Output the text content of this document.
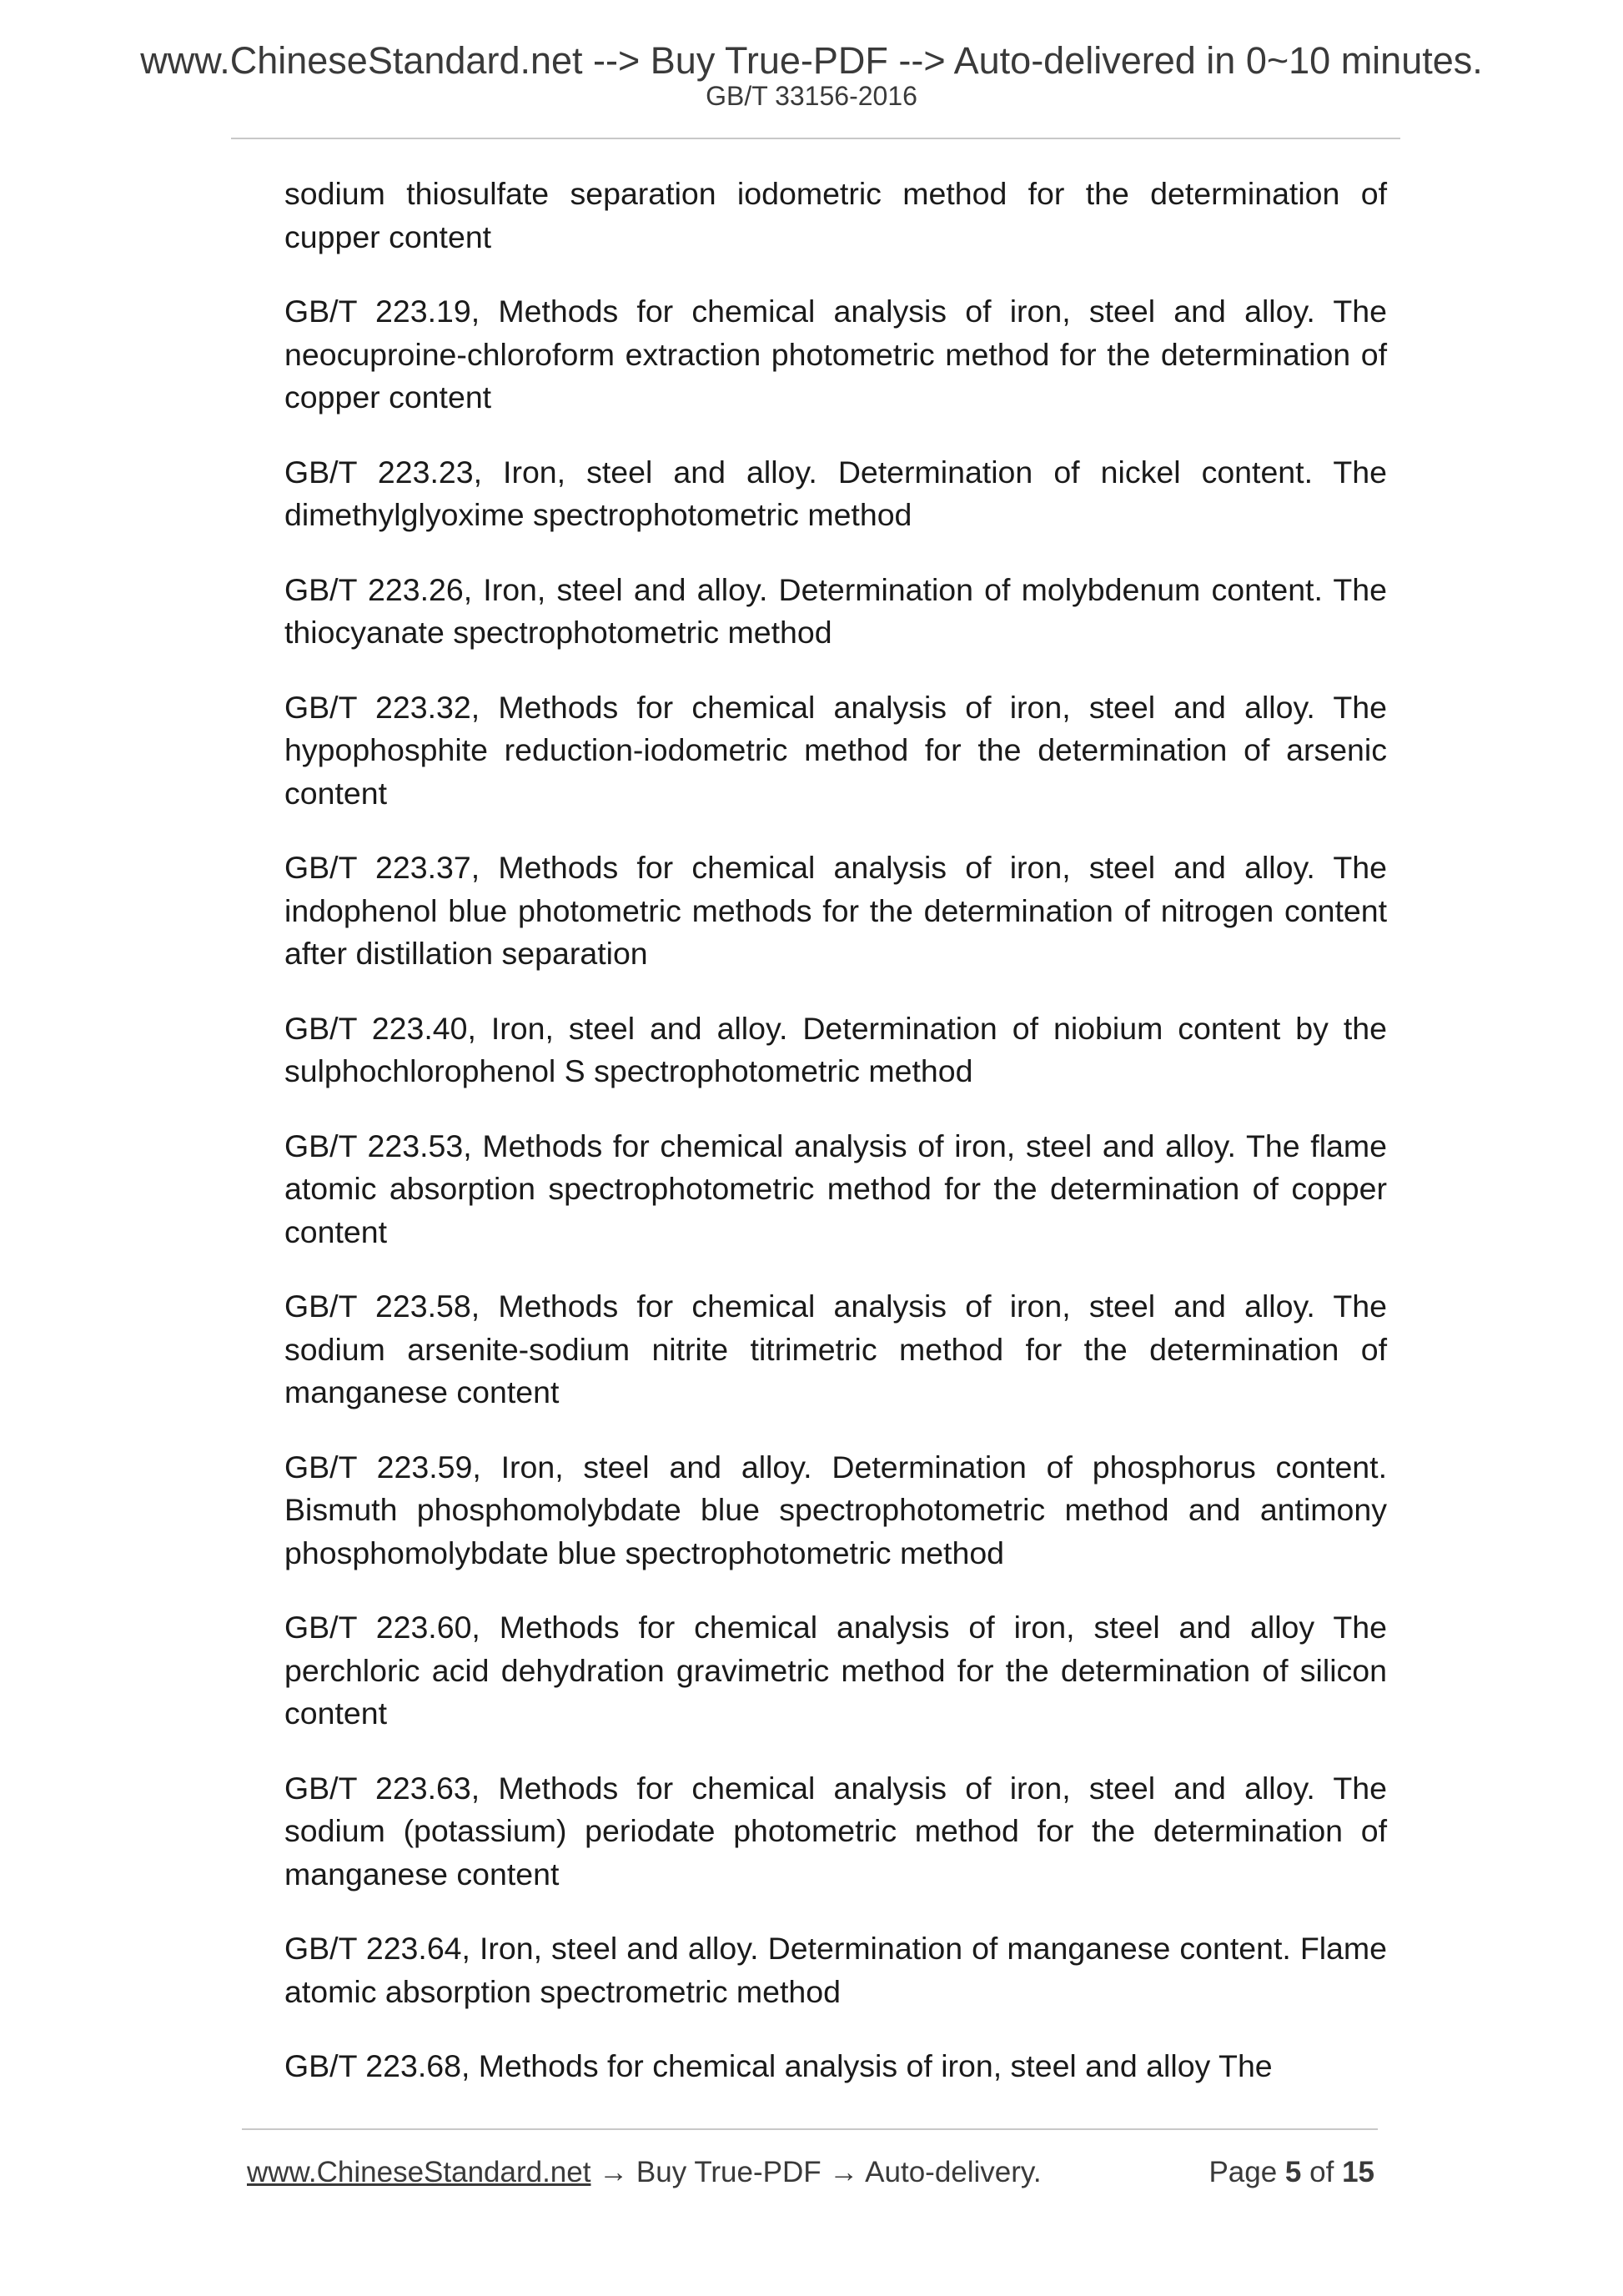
www.ChineseStandard.net --> Buy True-PDF --> Auto-delivered in 0~10 minutes.
GB/T 33156-2016

sodium thiosulfate separation iodometric method for the determination of cupper content

GB/T 223.19, Methods for chemical analysis of iron, steel and alloy. The neocuproine-chloroform extraction photometric method for the determination of copper content

GB/T 223.23, Iron, steel and alloy. Determination of nickel content. The dimethylglyoxime spectrophotometric method

GB/T 223.26, Iron, steel and alloy. Determination of molybdenum content. The thiocyanate spectrophotometric method

GB/T 223.32, Methods for chemical analysis of iron, steel and alloy. The hypophosphite reduction-iodometric method for the determination of arsenic content

GB/T 223.37, Methods for chemical analysis of iron, steel and alloy. The indophenol blue photometric methods for the determination of nitrogen content after distillation separation

GB/T 223.40, Iron, steel and alloy. Determination of niobium content by the sulphochlorophenol S spectrophotometric method

GB/T 223.53, Methods for chemical analysis of iron, steel and alloy. The flame atomic absorption spectrophotometric method for the determination of copper content

GB/T 223.58, Methods for chemical analysis of iron, steel and alloy. The sodium arsenite-sodium nitrite titrimetric method for the determination of manganese content

GB/T 223.59, Iron, steel and alloy. Determination of phosphorus content. Bismuth phosphomolybdate blue spectrophotometric method and antimony phosphomolybdate blue spectrophotometric method

GB/T 223.60, Methods for chemical analysis of iron, steel and alloy The perchloric acid dehydration gravimetric method for the determination of silicon content

GB/T 223.63, Methods for chemical analysis of iron, steel and alloy. The sodium (potassium) periodate photometric method for the determination of manganese content

GB/T 223.64, Iron, steel and alloy. Determination of manganese content. Flame atomic absorption spectrometric method

GB/T 223.68, Methods for chemical analysis of iron, steel and alloy The

www.ChineseStandard.net → Buy True-PDF → Auto-delivery.	Page 5 of 15
